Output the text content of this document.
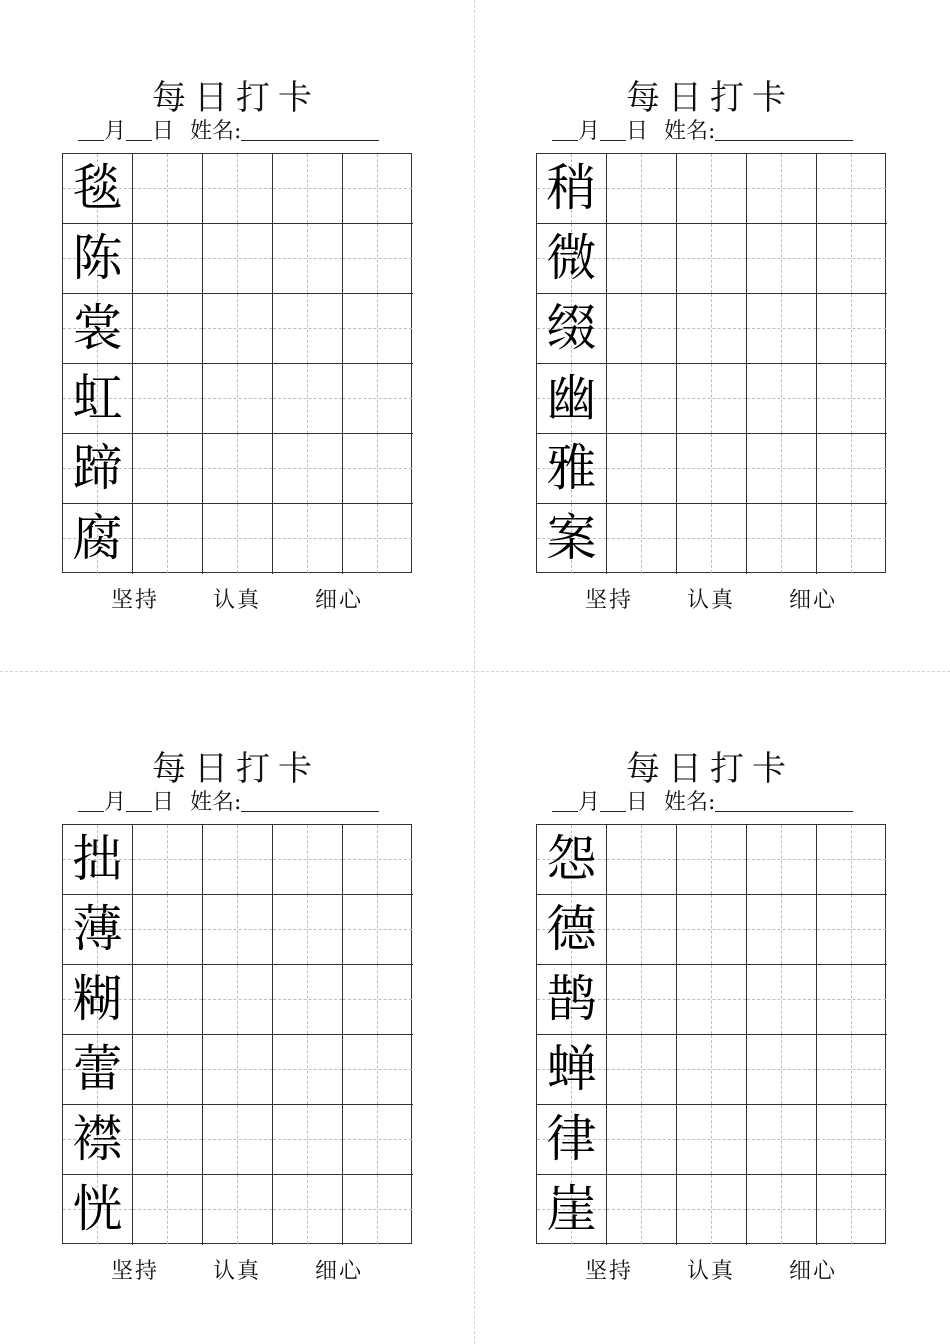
每日打卡
月 日 姓名:
毯
陈
裳
虹
蹄
腐
坚持  认真  细心
每日打卡
月 日 姓名:
稍
微
缀
幽
雅
案
坚持  认真  细心
每日打卡
月 日 姓名:
拙
薄
糊
蕾
襟
恍
坚持  认真  细心
每日打卡
月 日 姓名:
怨
德
鹊
蝉
律
崖
坚持  认真  细心
